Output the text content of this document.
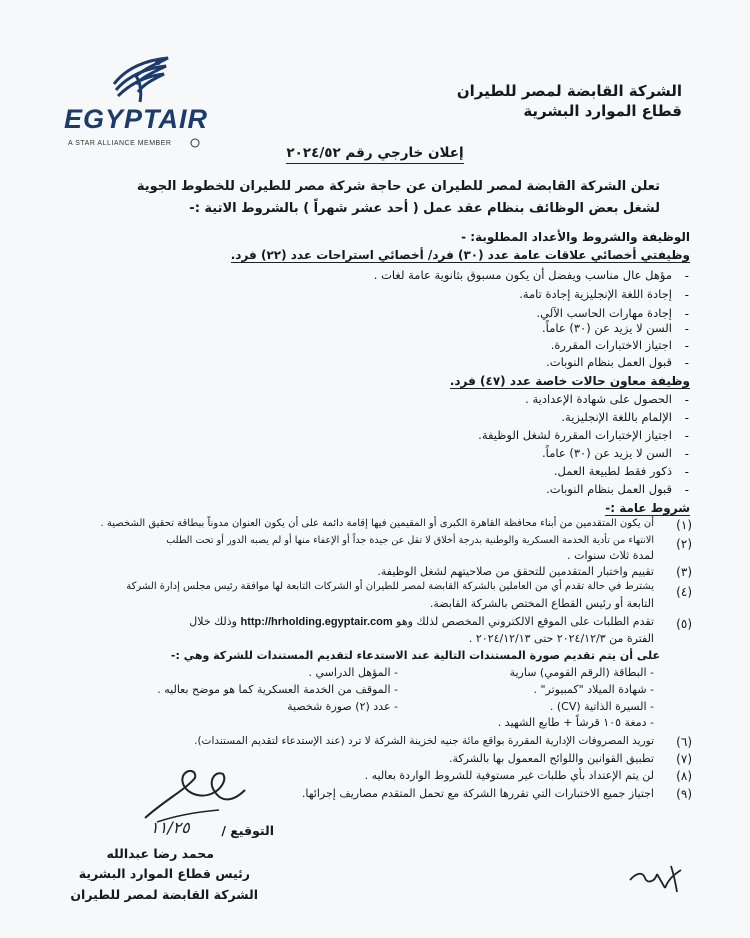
الشركة القابضة لمصر للطيران
قطاع الموارد البشرية
EGYPTAIR
A STAR ALLIANCE MEMBER
إعلان خارجي رقم ٢٠٢٤/٥٢
تعلن الشركة القابضة لمصر للطيران عن حاجة شركة مصر للطيران للخطوط الجوية
لشغل بعض الوظائف بنظام عقد عمل ( أحد عشر شهراً ) بالشروط الاتية :-
الوظيفة والشروط والأعداد المطلوبة: -
وظيفتي أخصائي علاقات عامة عدد (٣٠) فرد/ أخصائي استراحات عدد (٢٢) فرد.
-
مؤهل عال مناسب ويفضل أن يكون مسبوق بثانوية عامة لغات .
-
إجادة اللغة الإنجليزية إجادة تامة.
-
إجادة مهارات الحاسب الآلي.
-
السن لا يزيد عن (٣٠) عاماً.
-
اجتياز الاختبارات المقررة.
-
قبول العمل بنظام النوبات.
وظيفة معاون حالات خاصة عدد (٤٧) فرد.
-
الحصول على شهادة الإعدادية .
-
الإلمام باللغة الإنجليزية.
-
اجتياز الإختبارات المقررة لشغل الوظيفة.
-
السن لا يزيد عن (٣٠) عاماً.
-
ذكور فقط لطبيعة العمل.
-
قبول العمل بنظام النوبات.
شروط عامة :-
(١)
أن يكون المتقدمين من أبناء محافظة القاهرة الكبرى أو المقيمين فيها إقامة دائمة على أن يكون العنوان مدوناً ببطاقة تحقيق الشخصية .
(٢)
الانتهاء من تأدية الخدمة العسكرية والوطنية بدرجة أخلاق لا تقل عن جيدة جداً أو الإعفاء منها أو لم يصبه الدور أو تحت الطلب
لمدة ثلاث سنوات .
(٣)
تقييم واختبار المتقدمين للتحقق من صلاحيتهم لشغل الوظيفة.
(٤)
يشترط في حالة تقدم أي من العاملين بالشركة القابضة لمصر للطيران أو الشركات التابعة لها موافقة رئيس مجلس إدارة الشركة
التابعة أو رئيس القطاع المختص بالشركة القابضة.
(٥)
تقدم الطلبات على الموقع الالكتروني المخصص لذلك وهو http://hrholding.egyptair.com وذلك خلال
الفترة من ٢٠٢٤/١٢/٣ حتى ٢٠٢٤/١٢/١٣ .
على أن يتم تقديم صورة المستندات التالية عند الاستدعاء لتقديم المستندات للشركة وهي :-
- البطاقة (الرقم القومي) سارية
- شهادة الميلاد "كمبيوتر" .
- السيرة الذاتية (CV) .
- دمغة ١٠٥ قرشاً + طابع الشهيد .
- المؤهل الدراسي .
- الموقف من الخدمة العسكرية كما هو موضح بعاليه .
- عدد (٢) صورة شخصية
(٦)
توريد المصروفات الإدارية المقررة بواقع مائة جنيه لخزينة الشركة لا ترد (عند الإستدعاء لتقديم المستندات).
(٧)
تطبيق القوانين واللوائح المعمول بها بالشركة.
(٨)
لن يتم الإعتداد بأي طلبات غير مستوفية للشروط الواردة بعاليه .
(٩)
اجتياز جميع الاختبارات التي تقررها الشركة مع تحمل المتقدم مصاريف إجرائها.
التوقيع /
محمد رضا عبدالله
رئيس قطاع الموارد البشرية
الشركة القابضة لمصر للطيران
١١/٢٥
